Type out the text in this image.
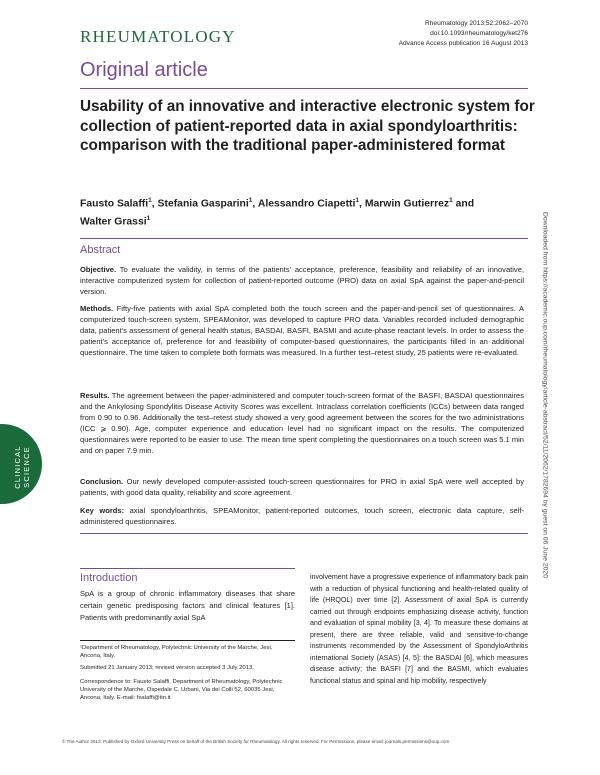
RHEUMATOLOGY
Rheumatology 2013;52:2062–2070
doi:10.1093/rheumatology/ket276
Advance Access publication 16 August 2013
Original article
Usability of an innovative and interactive electronic system for collection of patient-reported data in axial spondyloarthritis: comparison with the traditional paper-administered format
Fausto Salaffi$^1$, Stefania Gasparini$^1$, Alessandro Ciapetti$^1$, Marwin Gutierrez$^1$ and
Walter Grassi$^1$
Abstract
Objective. To evaluate the validity, in terms of the patients' acceptance, preference, feasibility and reliability of an innovative, interactive computerized system for collection of patient-reported outcome (PRO) data on axial SpA against the paper-and-pencil version.
Methods. Fifty-five patients with axial SpA completed both the touch screen and the paper-and-pencil set of questionnaires. A computerized touch-screen system, SPEAMonitor, was developed to capture PRO data. Variables recorded included demographic data, patient's assessment of general health status, BASDAI, BASFI, BASMI and acute-phase reactant levels. In order to assess the patient's acceptance of, preference for and feasibility of computer-based questionnaires, the participants filled in an additional questionnaire. The time taken to complete both formats was measured. In a further test–retest study, 25 patients were re-evaluated.
Results. The agreement between the paper-administered and computer touch-screen format of the BASFI, BASDAI questionnaires and the Ankylosing Spondylitis Disease Activity Scores was excellent. Intraclass correlation coefficients (ICCs) between data ranged from 0.90 to 0.96. Additionally the test–retest study showed a very good agreement between the scores for the two administrations (ICC ⩾ 0.90). Age, computer experience and education level had no significant impact on the results. The computerized questionnaires were reported to be easier to use. The mean time spent completing the questionnaires on a touch screen was 5.1 min and on paper 7.9 min.
Conclusion. Our newly developed computer-assisted touch-screen questionnaires for PRO in axial SpA were well accepted by patients, with good data quality, reliability and score agreement.
Key words: axial spondyloarthritis, SPEAMonitor, patient-reported outcomes, touch screen, electronic data capture, self-administered questionnaires.
CLINICAL SCIENCE	Downloaded from https://academic.oup.com/rheumatology/article-abstract/52/11/2062/1782694 by guest on 06 June 2020
Introduction
SpA is a group of chronic inflammatory diseases that share certain genetic predisposing factors and clinical features [1]. Patients with predominantly axial SpA
¹Department of Rheumatology, Polytechnic University of the Marche, Jesi, Ancona, Italy.
Submitted 21 January 2013; revised version accepted 3 July 2013.
Correspondence to: Fausto Salaffi, Department of Rheumatology, Polytechnic University of the Marche, Ospedale C. Urbani, Via dei Colli 52, 60035 Jesi, Ancona, Italy. E-mail: fsalaffi@tin.it
involvement have a progressive experience of inflammatory back pain with a reduction of physical functioning and health-related quality of life (HRQOL) over time [2]. Assessment of axial SpA is currently carried out through endpoints emphasizing disease activity, function and evaluation of spinal mobility [3, 4]. To measure these domains at present, there are three reliable, valid and sensitive-to-change instruments recommended by the Assessment of SpondyloArthritis international Society (ASAS) [4, 5]: the BASDAI [6], which measures disease activity; the BASFI [7] and the BASMI, which evaluates functional status and spinal and hip mobility, respectively
© The Author 2013. Published by Oxford University Press on behalf of the British Society for Rheumatology. All rights reserved. For Permissions, please email: journals.permissions@oup.com
